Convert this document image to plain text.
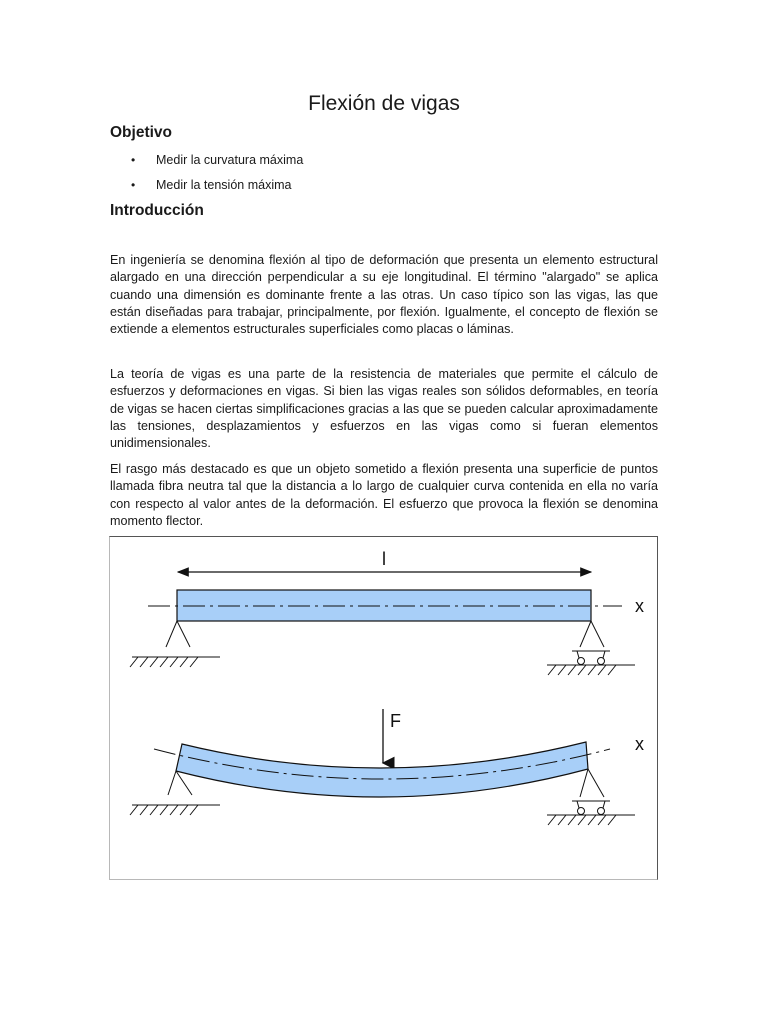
Flexión de vigas
Objetivo
• Medir la curvatura máxima
• Medir la tensión máxima
Introducción

En ingeniería se denomina flexión al tipo de deformación que presenta un elemento estructural alargado en una dirección perpendicular a su eje longitudinal. El término "alargado" se aplica cuando una dimensión es dominante frente a las otras. Un caso típico son las vigas, las que están diseñadas para trabajar, principalmente, por flexión. Igualmente, el concepto de flexión se extiende a elementos estructurales superficiales como placas o láminas.

La teoría de vigas es una parte de la resistencia de materiales que permite el cálculo de esfuerzos y deformaciones en vigas. Si bien las vigas reales son sólidos deformables, en teoría de vigas se hacen ciertas simplificaciones gracias a las que se pueden calcular aproximadamente las tensiones, desplazamientos y esfuerzos en las vigas como si fueran elementos unidimensionales.

El rasgo más destacado es que un objeto sometido a flexión presenta una superficie de puntos llamada fibra neutra tal que la distancia a lo largo de cualquier curva contenida en ella no varía con respecto al valor antes de la deformación. El esfuerzo que provoca la flexión se denomina momento flector.

l
x
F
x
